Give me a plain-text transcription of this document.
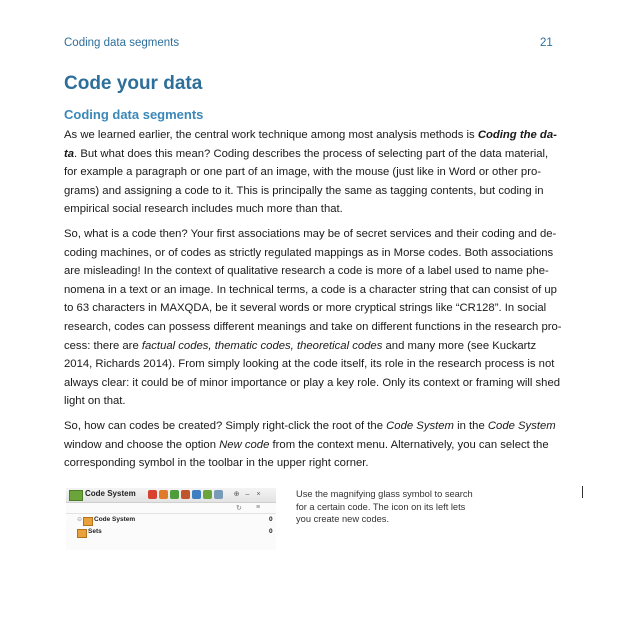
Coding data segments	21
Code your data
Coding data segments

As we learned earlier, the central work technique among most analysis methods is Coding the da-ta. But what does this mean? Coding describes the process of selecting part of the data material, for example a paragraph or one part of an image, with the mouse (just like in Word or other pro-grams) and assigning a code to it. This is principally the same as tagging contents, but coding in empirical social research includes much more than that.

So, what is a code then? Your first associations may be of secret services and their coding and de-coding machines, or of codes as strictly regulated mappings as in Morse codes. Both associations are misleading! In the context of qualitative research a code is more of a label used to name phe-nomena in a text or an image. In technical terms, a code is a character string that can consist of up to 63 characters in MAXQDA, be it several words or more cryptical strings like “CR128”. In social research, codes can possess different meanings and take on different functions in the research pro-cess: there are factual codes, thematic codes, theoretical codes and many more (see Kuckartz 2014, Richards 2014). From simply looking at the code itself, its role in the research process is not always clear: it could be of minor importance or play a key role. Only its context or framing will shed light on that.

So, how can codes be created? Simply right-click the root of the Code System in the Code System window and choose the option New code from the context menu. Alternatively, you can select the corresponding symbol in the toolbar in the upper right corner.

Code System	⊕ –	×
↻ ≡
⊖ Code System	0
Sets	0
Use the magnifying glass symbol to search for a certain code. The icon on its left lets you create new codes.
